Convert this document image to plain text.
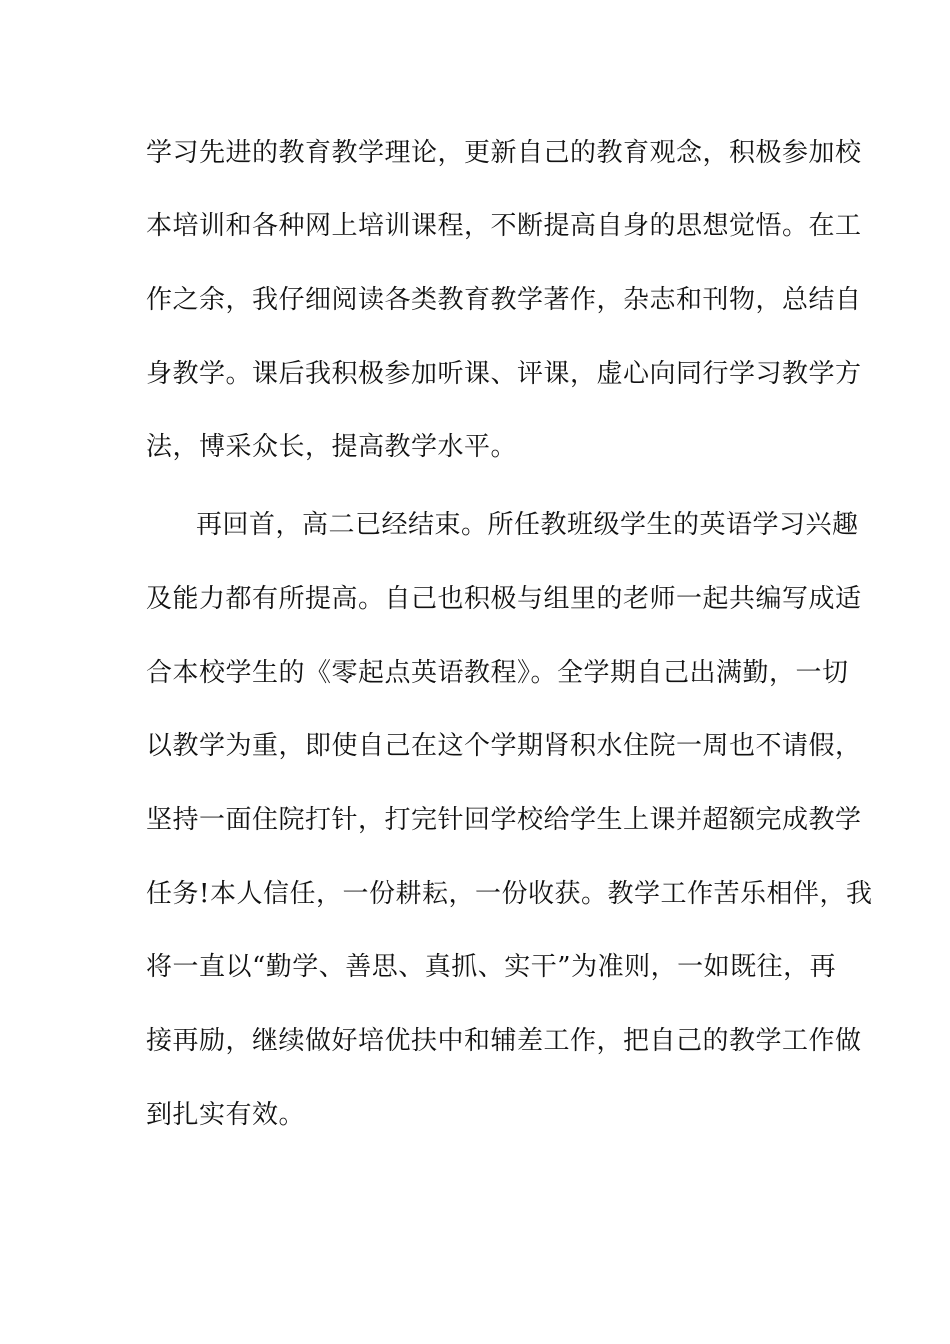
学习先进的教育教学理论，更新自己的教育观念，积极参加校
本培训和各种网上培训课程，不断提高自身的思想觉悟。在工
作之余，我仔细阅读各类教育教学著作，杂志和刊物，总结自
身教学。课后我积极参加听课、评课，虚心向同行学习教学方
法，博采众长，提高教学水平。
再回首，高二已经结束。所任教班级学生的英语学习兴趣
及能力都有所提高。自己也积极与组里的老师一起共编写成适
合本校学生的《零起点英语教程》。全学期自己出满勤，一切
以教学为重，即使自己在这个学期肾积水住院一周也不请假，
坚持一面住院打针，打完针回学校给学生上课并超额完成教学
任务!本人信任，一份耕耘，一份收获。教学工作苦乐相伴，我
将一直以“勤学、善思、真抓、实干”为准则，一如既往，再
接再励，继续做好培优扶中和辅差工作，把自己的教学工作做
到扎实有效。
